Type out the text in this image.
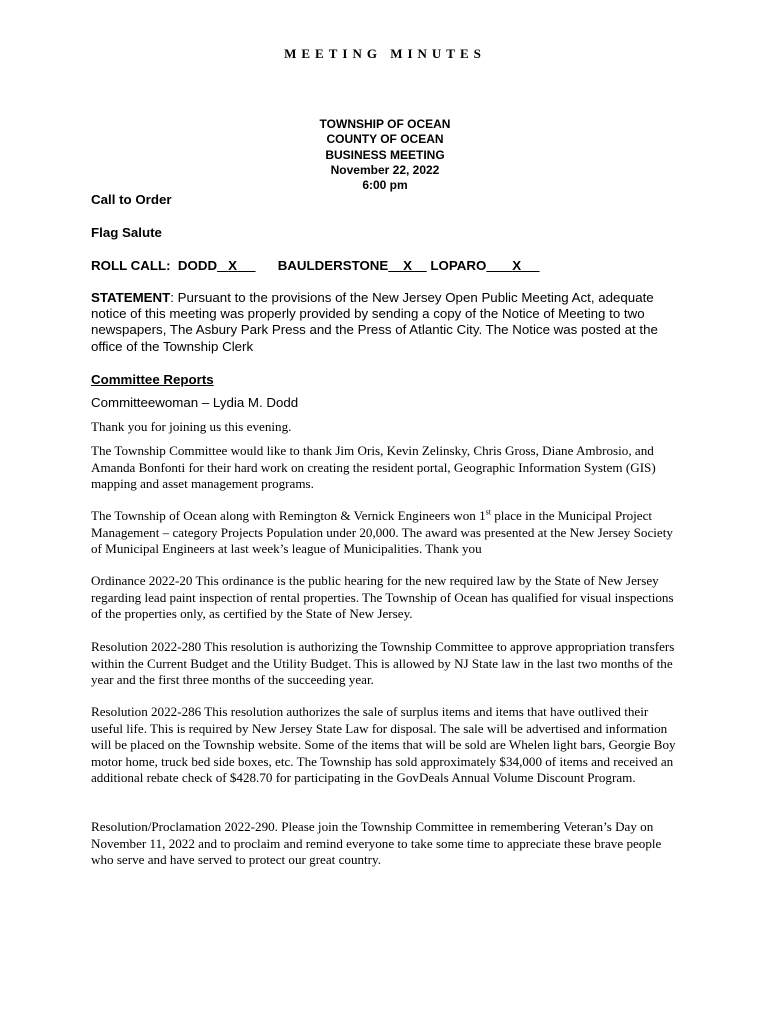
MEETING MINUTES
TOWNSHIP OF OCEAN
COUNTY OF OCEAN
BUSINESS MEETING
November 22, 2022
6:00 pm
Call to Order
Flag Salute
ROLL CALL: DODD X	BAULDERSTONE X LOPARO X
STATEMENT: Pursuant to the provisions of the New Jersey Open Public Meeting Act, adequate notice of this meeting was properly provided by sending a copy of the Notice of Meeting to two newspapers, The Asbury Park Press and the Press of Atlantic City. The Notice was posted at the office of the Township Clerk
Committee Reports
Committeewoman – Lydia M. Dodd
Thank you for joining us this evening.
The Township Committee would like to thank Jim Oris, Kevin Zelinsky, Chris Gross, Diane Ambrosio, and Amanda Bonfonti for their hard work on creating the resident portal, Geographic Information System (GIS) mapping and asset management programs.
The Township of Ocean along with Remington & Vernick Engineers won 1st place in the Municipal Project Management – category Projects Population under 20,000. The award was presented at the New Jersey Society of Municipal Engineers at last week’s league of Municipalities. Thank you
Ordinance 2022-20 This ordinance is the public hearing for the new required law by the State of New Jersey regarding lead paint inspection of rental properties. The Township of Ocean has qualified for visual inspections of the properties only, as certified by the State of New Jersey.
Resolution 2022-280 This resolution is authorizing the Township Committee to approve appropriation transfers within the Current Budget and the Utility Budget. This is allowed by NJ State law in the last two months of the year and the first three months of the succeeding year.
Resolution 2022-286 This resolution authorizes the sale of surplus items and items that have outlived their useful life. This is required by New Jersey State Law for disposal. The sale will be advertised and information will be placed on the Township website. Some of the items that will be sold are Whelen light bars, Georgie Boy motor home, truck bed side boxes, etc. The Township has sold approximately $34,000 of items and received an additional rebate check of $428.70 for participating in the GovDeals Annual Volume Discount Program.
Resolution/Proclamation 2022-290. Please join the Township Committee in remembering Veteran’s Day on November 11, 2022 and to proclaim and remind everyone to take some time to appreciate these brave people who serve and have served to protect our great country.
